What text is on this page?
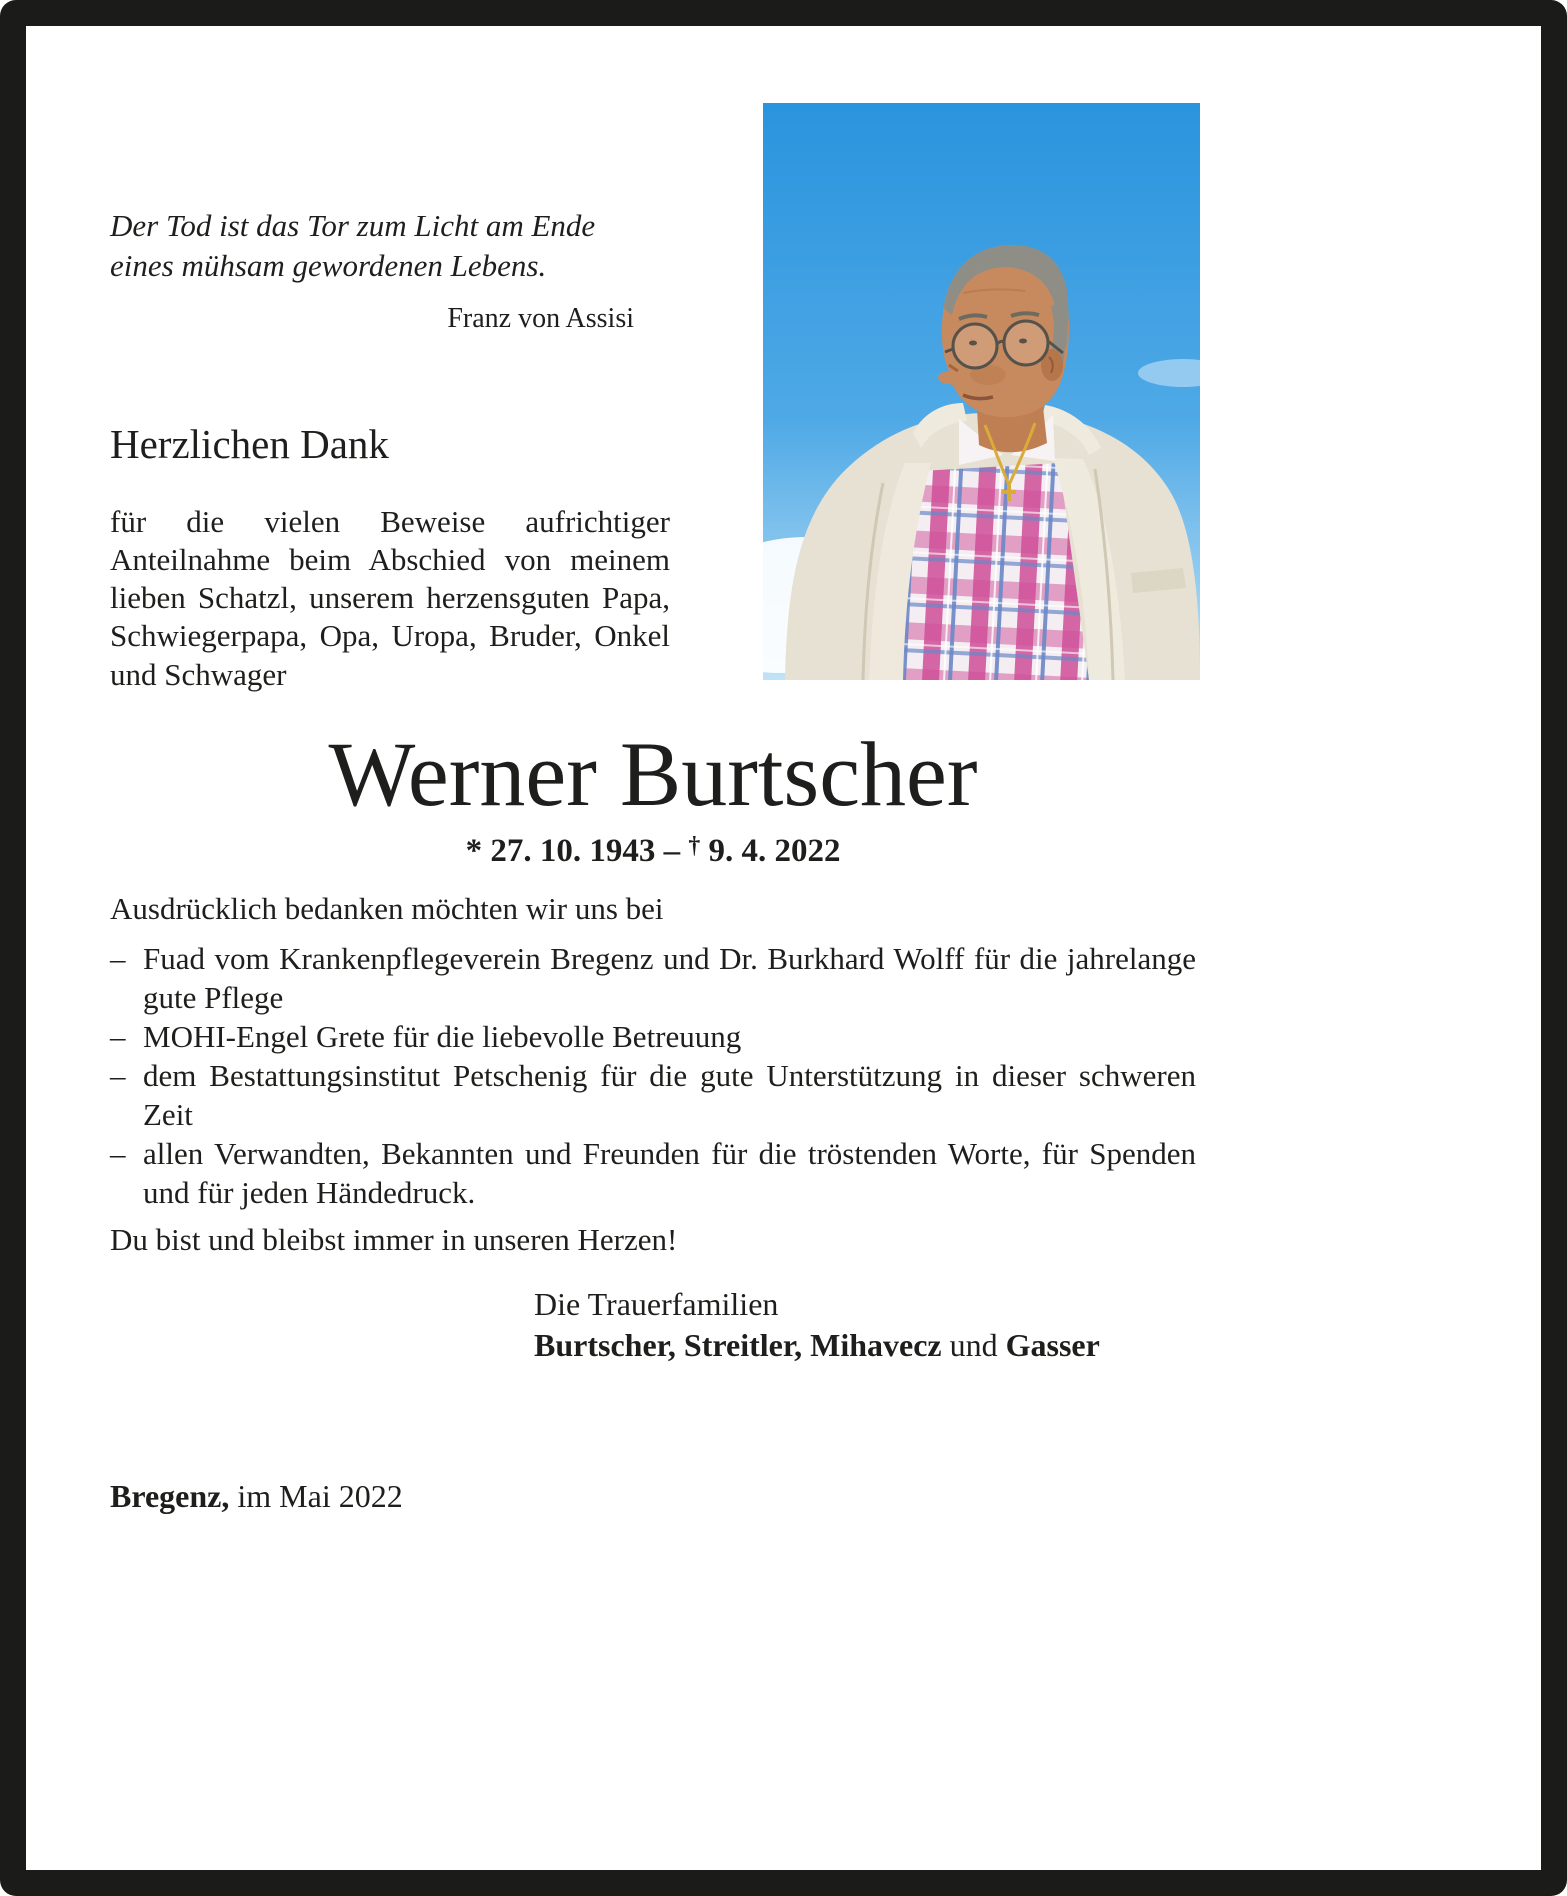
Der Tod ist das Tor zum Licht am Ende
eines mühsam gewordenen Lebens.
Franz von Assisi
Herzlichen Dank

für die vielen Beweise aufrichtiger Anteilnahme beim Abschied von meinem lieben Schatzl, unserem herzensguten Papa, Schwiegerpapa, Opa, Uropa, Bruder, Onkel und Schwager

Werner Burtscher
* 27. 10. 1943 – † 9. 4. 2022

Ausdrücklich bedanken möchten wir uns bei

– Fuad vom Krankenpflegeverein Bregenz und Dr. Burkhard Wolff für die jahrelange gute Pflege
– MOHI-Engel Grete für die liebevolle Betreuung
– dem Bestattungsinstitut Petschenig für die gute Unterstützung in dieser schweren Zeit
– allen Verwandten, Bekannten und Freunden für die tröstenden Worte, für Spenden und für jeden Händedruck.

Du bist und bleibst immer in unseren Herzen!

Die Trauerfamilien
Burtscher, Streitler, Mihavecz und Gasser

Bregenz, im Mai 2022
